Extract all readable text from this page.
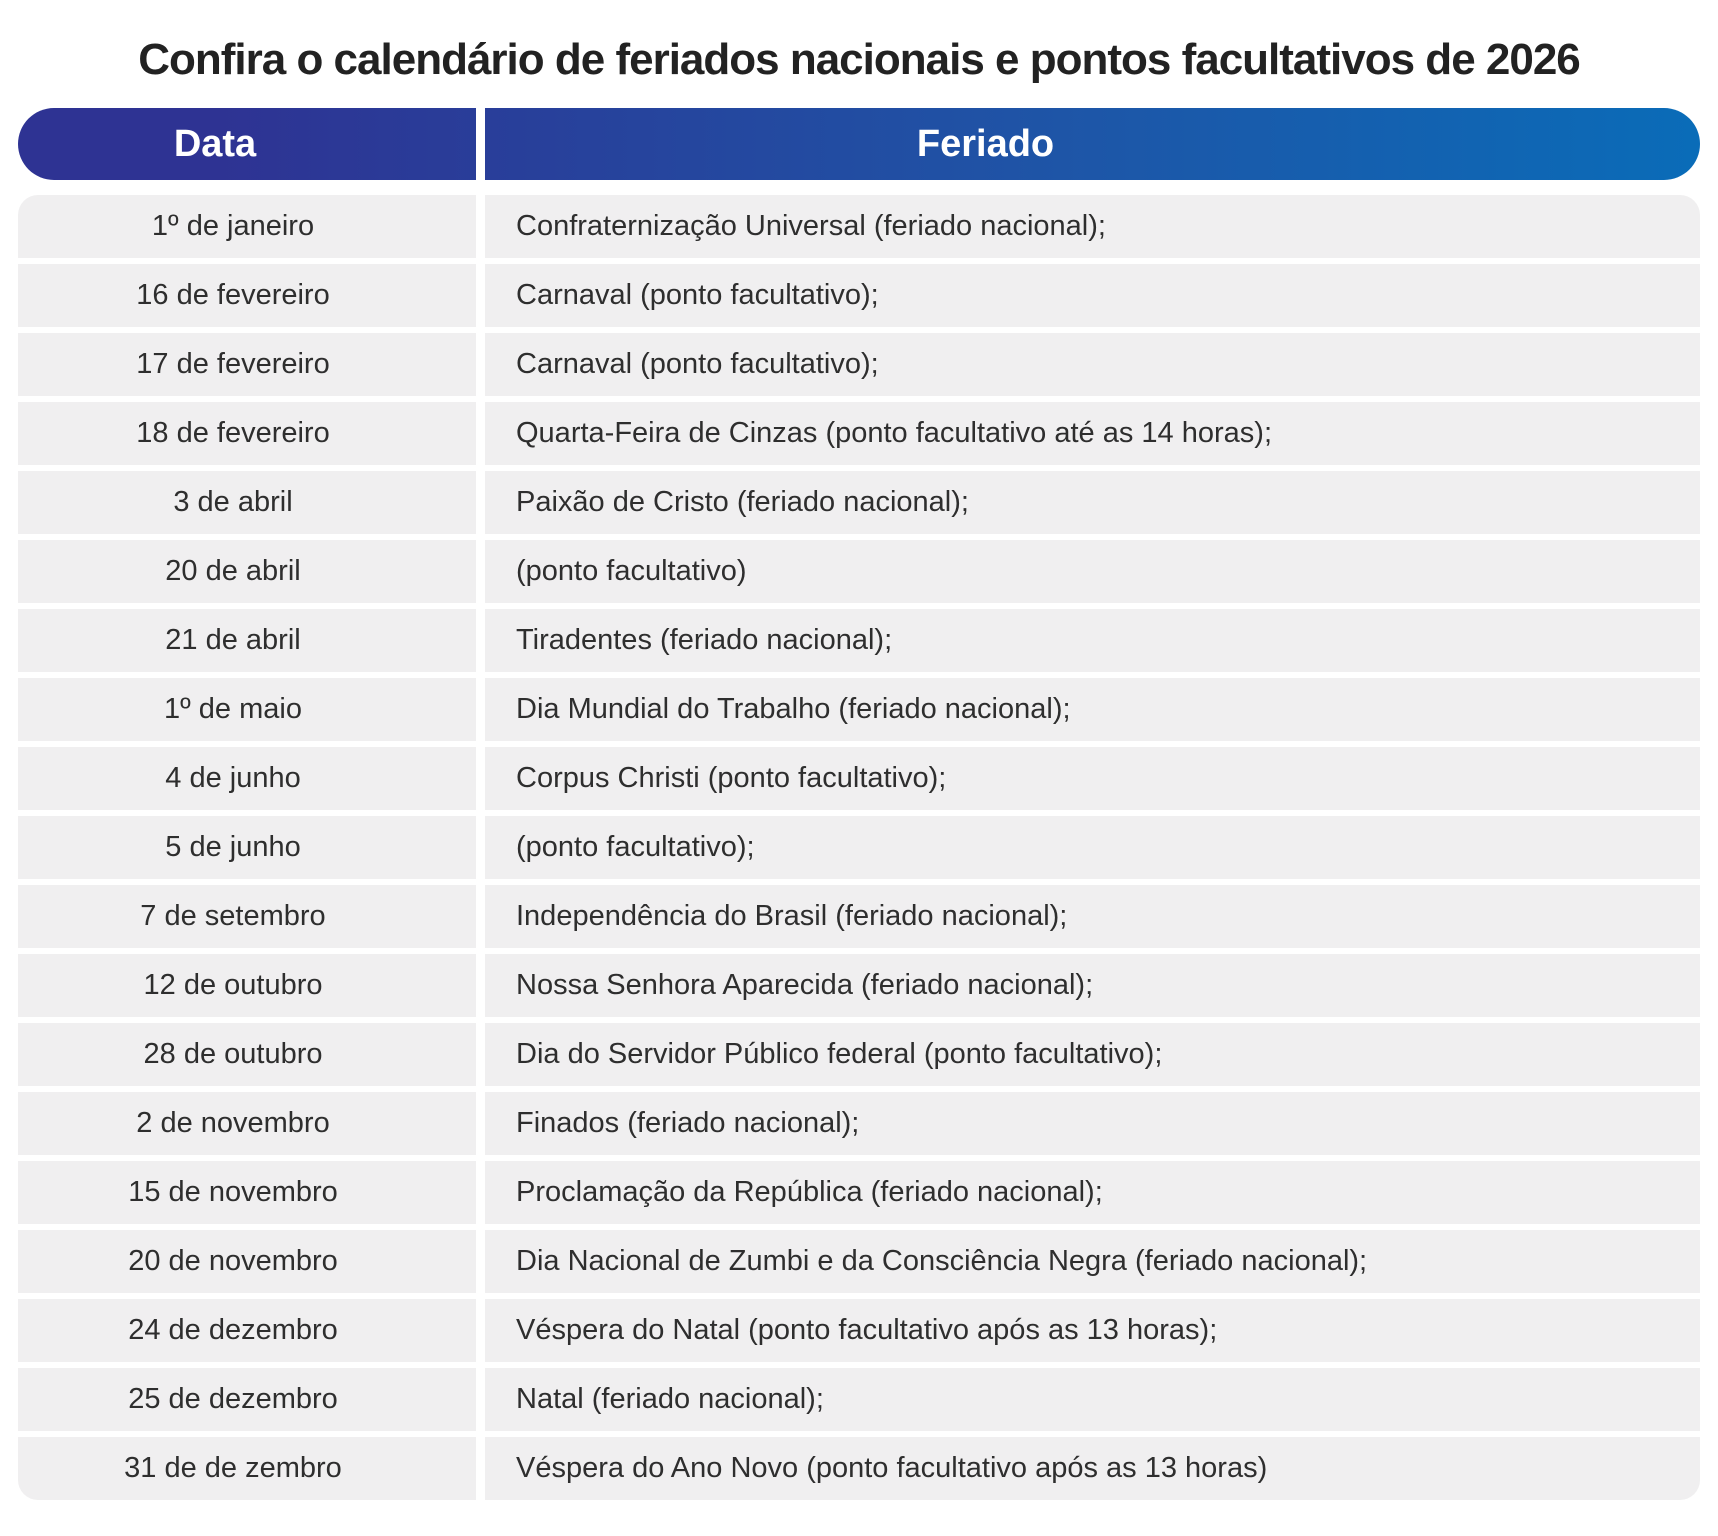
Confira o calendário de feriados nacionais e pontos facultativos de 2026
Data	Feriado
1º de janeiro	Confraternização Universal (feriado nacional);
16 de fevereiro	Carnaval (ponto facultativo);
17 de fevereiro	Carnaval (ponto facultativo);
18 de fevereiro	Quarta-Feira de Cinzas (ponto facultativo até as 14 horas);
3 de abril	Paixão de Cristo (feriado nacional);
20 de abril	(ponto facultativo)
21 de abril	Tiradentes (feriado nacional);
1º de maio	Dia Mundial do Trabalho (feriado nacional);
4 de junho	Corpus Christi (ponto facultativo);
5 de junho	(ponto facultativo);
7 de setembro	Independência do Brasil (feriado nacional);
12 de outubro	Nossa Senhora Aparecida (feriado nacional);
28 de outubro	Dia do Servidor Público federal (ponto facultativo);
2 de novembro	Finados (feriado nacional);
15 de novembro	Proclamação da República (feriado nacional);
20 de novembro	Dia Nacional de Zumbi e da Consciência Negra (feriado nacional);
24 de dezembro	Véspera do Natal (ponto facultativo após as 13 horas);
25 de dezembro	Natal (feriado nacional);
31 de de zembro	Véspera do Ano Novo (ponto facultativo após as 13 horas)
